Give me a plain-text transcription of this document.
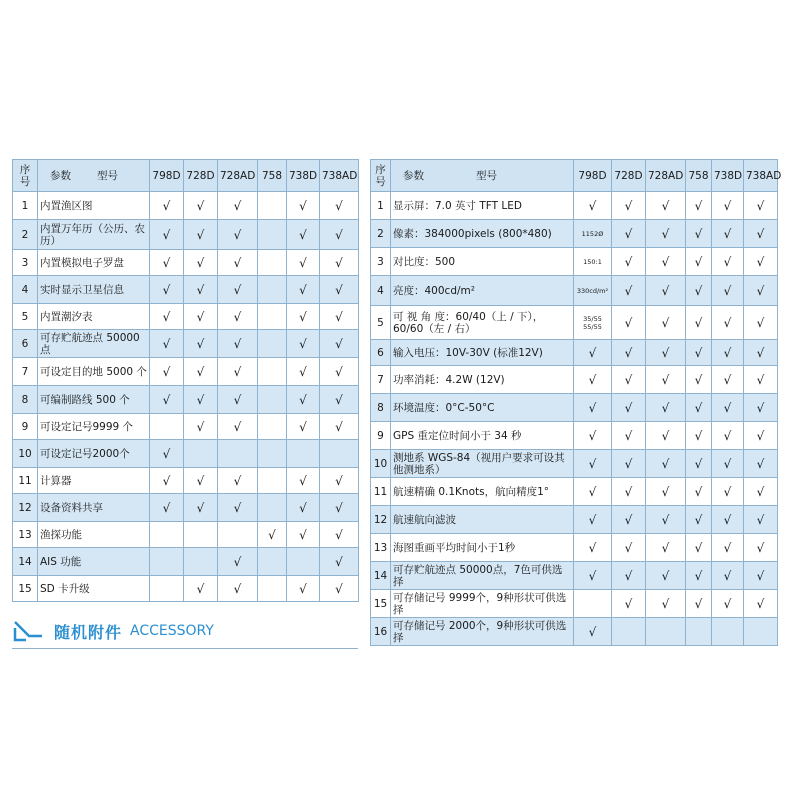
序
号	参数 型号	798D	728D	728AD	758	738D	738AD
1	内置渔区图	√	√	√		√	√
2	内置万年历（公历、农历）	√	√	√		√	√
3	内置模拟电子罗盘	√	√	√		√	√
4	实时显示卫星信息	√	√	√		√	√
5	内置潮汐表	√	√	√		√	√
6	可存贮航迹点 50000 点	√	√	√		√	√
7	可设定目的地 5000 个	√	√	√		√	√
8	可编制路线 500 个	√	√	√		√	√
9	可设定记号9999 个		√	√		√	√
10	可设定记号2000个	√					
11	计算器	√	√	√		√	√
12	设备资料共享	√	√	√		√	√
13	渔探功能				√	√	√
14	AIS 功能			√			√
15	SD 卡升级		√	√		√	√
序
号	参数 型号	798D	728D	728AD	758	738D	738AD
1	显示屏：7.0 英寸 TFT LED	√	√	√	√	√	√
2	像素：384000pixels (800*480)	1152Ø	√	√	√	√	√
3	对比度：500	150:1	√	√	√	√	√
4	亮度：400cd/m²	330cd/m²	√	√	√	√	√
5	可 视 角 度：60/40（上 / 下），60/60（左 / 右）	35/55
55/55	√	√	√	√	√
6	输入电压：10V-30V (标准12V)	√	√	√	√	√	√
7	功率消耗：4.2W (12V)	√	√	√	√	√	√
8	环境温度：0°C-50°C	√	√	√	√	√	√
9	GPS 重定位时间小于 34 秒	√	√	√	√	√	√
10	测地系 WGS-84（视用户要求可设其他测地系）	√	√	√	√	√	√
11	航速精确 0.1Knots，航向精度1°	√	√	√	√	√	√
12	航速航向滤波	√	√	√	√	√	√
13	海图重画平均时间小于1秒	√	√	√	√	√	√
14	可存贮航迹点 50000点，7色可供选择	√	√	√	√	√	√
15	可存储记号 9999个，9种形状可供选择		√	√	√	√	√
16	可存储记号 2000个，9种形状可供选择	√					
随机附件 ACCESSORY
